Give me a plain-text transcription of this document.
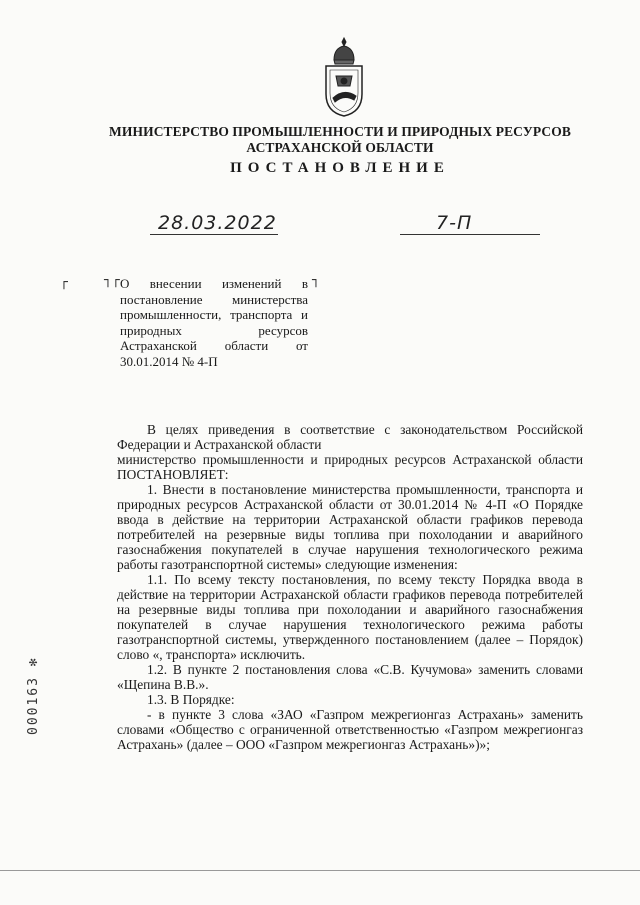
МИНИСТЕРСТВО ПРОМЫШЛЕННОСТИ И ПРИРОДНЫХ РЕСУРСОВ
АСТРАХАНСКОЙ ОБЛАСТИ
ПОСТАНОВЛЕНИЕ
28.03.2022	7-П
┌	┐┌	┐
О внесении изменений в постановление министерства промышленности, транспорта и природных ресурсов Астраханской области от 30.01.2014 № 4-П

В целях приведения в соответствие с законодательством Российской Федерации и Астраханской области

министерство промышленности и природных ресурсов Астраханской области ПОСТАНОВЛЯЕТ:

1. Внести в постановление министерства промышленности, транспорта и природных ресурсов Астраханской области от 30.01.2014 № 4-П «О Порядке ввода в действие на территории Астраханской области графиков перевода потребителей на резервные виды топлива при похолодании и аварийного газоснабжения покупателей в случае нарушения технологического режима работы газотранспортной системы» следующие изменения:

1.1. По всему тексту постановления, по всему тексту Порядка ввода в действие на территории Астраханской области графиков перевода потребителей на резервные виды топлива при похолодании и аварийного газоснабжения покупателей в случае нарушения технологического режима работы газотранспортной системы, утвержденного постановлением (далее – Порядок) слово «, транспорта» исключить.

1.2. В пункте 2 постановления слова «С.В. Кучумова» заменить словами «Щепина В.В.».

1.3. В Порядке:

- в пункте 3 слова «ЗАО «Газпром межрегионгаз Астрахань» заменить словами «Общество с ограниченной ответственностью «Газпром межрегионгаз Астрахань» (далее – ООО «Газпром межрегионгаз Астрахань»)»;

000163 ✻
